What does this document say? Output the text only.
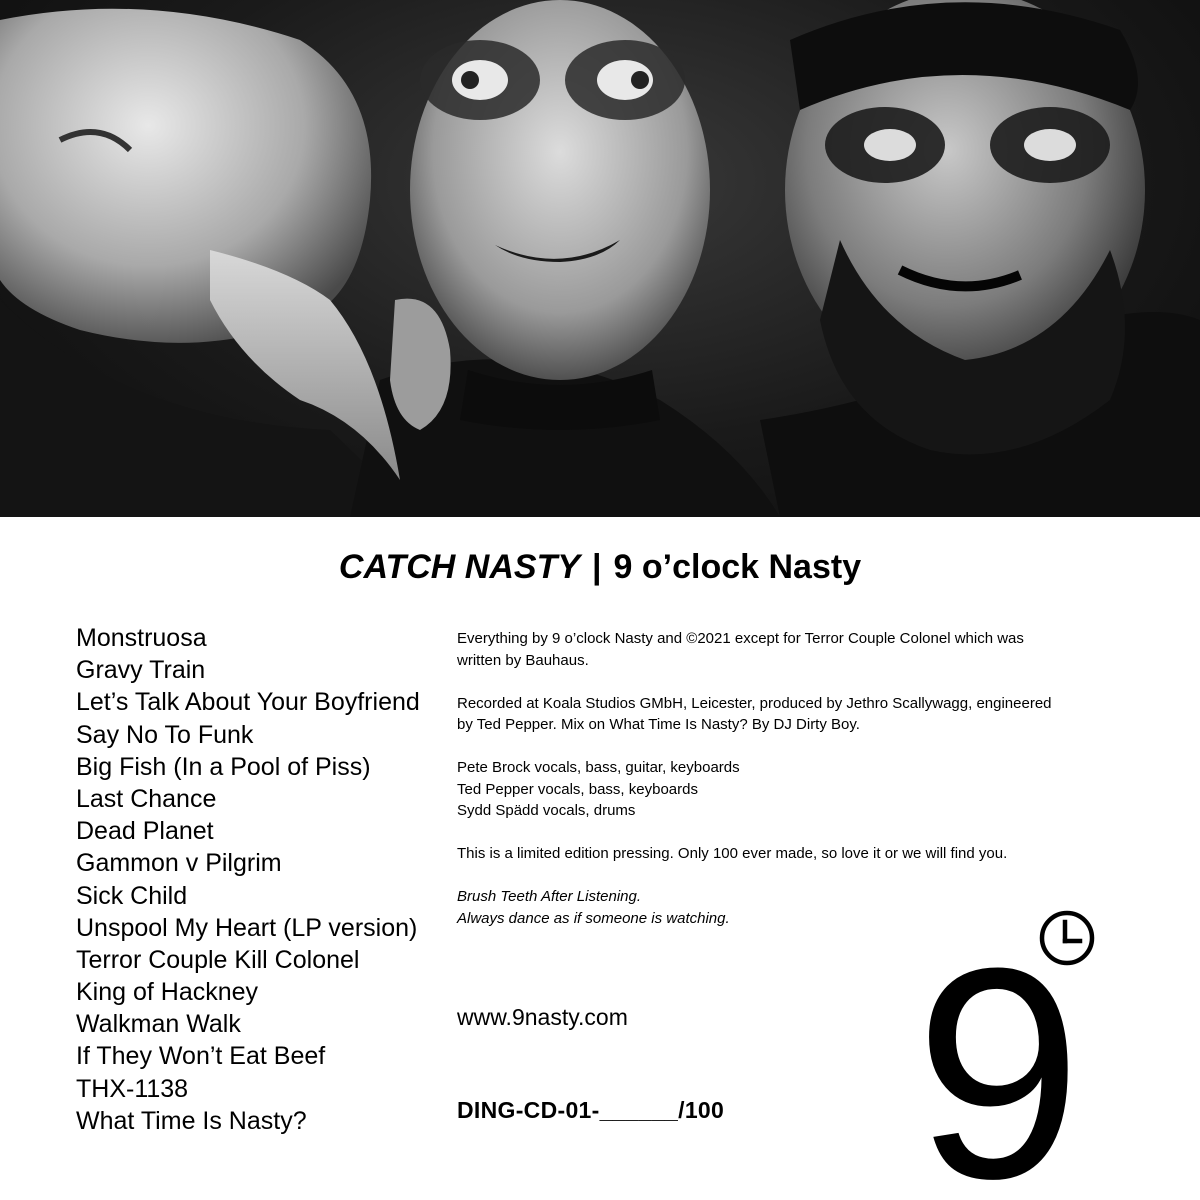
CATCH NASTY | 9 o’clock Nasty
Monstruosa
Gravy Train
Let’s Talk About Your Boyfriend
Say No To Funk
Big Fish (In a Pool of Piss)
Last Chance
Dead Planet
Gammon v Pilgrim
Sick Child
Unspool My Heart (LP version)
Terror Couple Kill Colonel
King of Hackney
Walkman Walk
If They Won’t Eat Beef
THX-1138
What Time Is Nasty?

Everything by 9 o’clock Nasty and ©2021 except for Terror Couple Colonel which was written by Bauhaus.

Recorded at Koala Studios GMbH, Leicester, produced by Jethro Scallywagg, engineered by Ted Pepper. Mix on What Time Is Nasty? By DJ Dirty Boy.

Pete Brock vocals, bass, guitar, keyboards
Ted Pepper vocals, bass, keyboards
Sydd Spädd vocals, drums

This is a limited edition pressing. Only 100 ever made, so love it or we will find you.

Brush Teeth After Listening.
Always dance as if someone is watching.

www.9nasty.com
DING-CD-01-______/100 9
